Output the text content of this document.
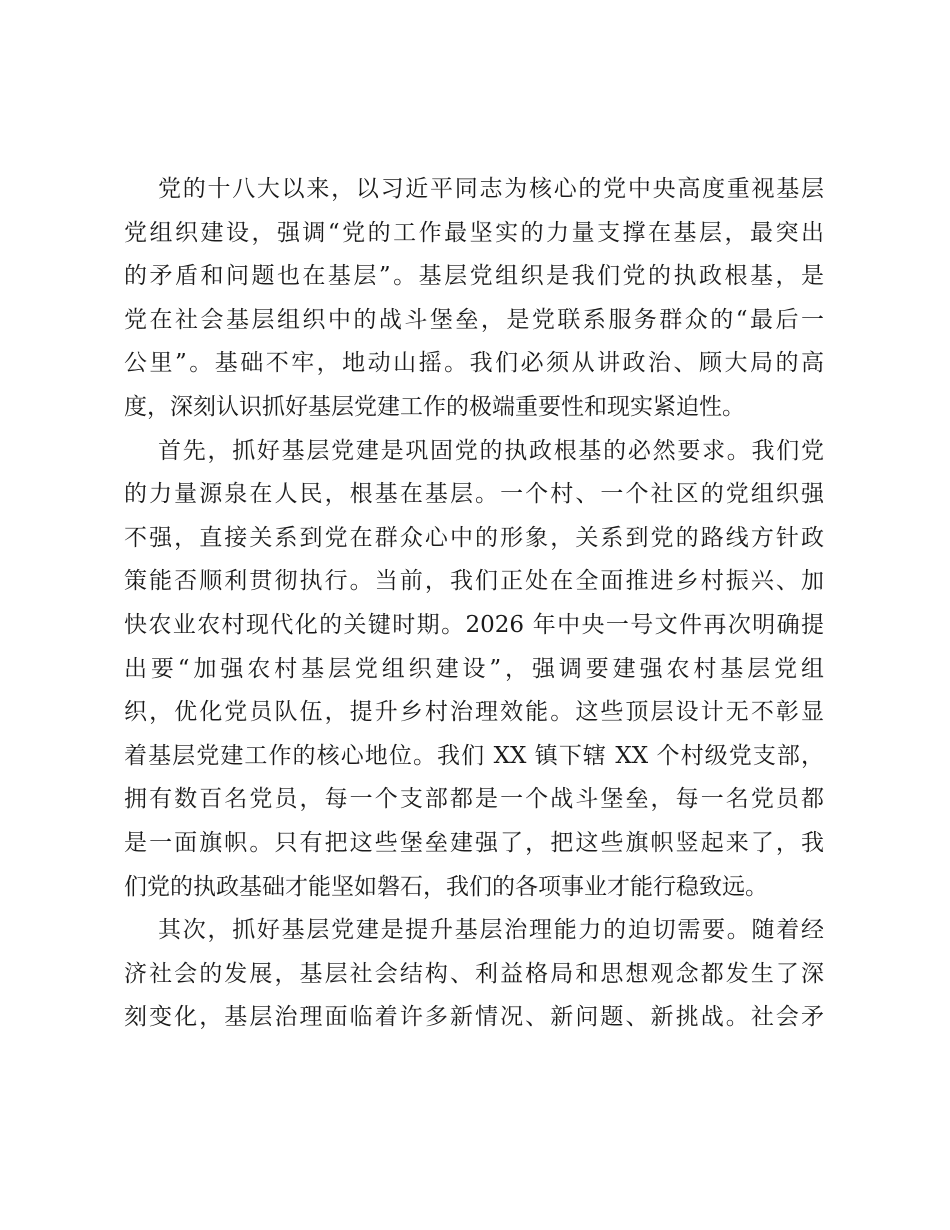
党的十八大以来，以习近平同志为核心的党中央高度重视基层
党组织建设，强调“党的工作最坚实的力量支撑在基层，最突出
的矛盾和问题也在基层”。基层党组织是我们党的执政根基，是
党在社会基层组织中的战斗堡垒，是党联系服务群众的“最后一
公里”。基础不牢，地动山摇。我们必须从讲政治、顾大局的高
度，深刻认识抓好基层党建工作的极端重要性和现实紧迫性。
首先，抓好基层党建是巩固党的执政根基的必然要求。我们党
的力量源泉在人民，根基在基层。一个村、一个社区的党组织强
不强，直接关系到党在群众心中的形象，关系到党的路线方针政
策能否顺利贯彻执行。当前，我们正处在全面推进乡村振兴、加
快农业农村现代化的关键时期。2026 年中央一号文件再次明确提
出要“加强农村基层党组织建设”，强调要建强农村基层党组
织，优化党员队伍，提升乡村治理效能。这些顶层设计无不彰显
着基层党建工作的核心地位。我们 XX 镇下辖 XX 个村级党支部，
拥有数百名党员，每一个支部都是一个战斗堡垒，每一名党员都
是一面旗帜。只有把这些堡垒建强了，把这些旗帜竖起来了，我
们党的执政基础才能坚如磐石，我们的各项事业才能行稳致远。
其次，抓好基层党建是提升基层治理能力的迫切需要。随着经
济社会的发展，基层社会结构、利益格局和思想观念都发生了深
刻变化，基层治理面临着许多新情况、新问题、新挑战。社会矛
